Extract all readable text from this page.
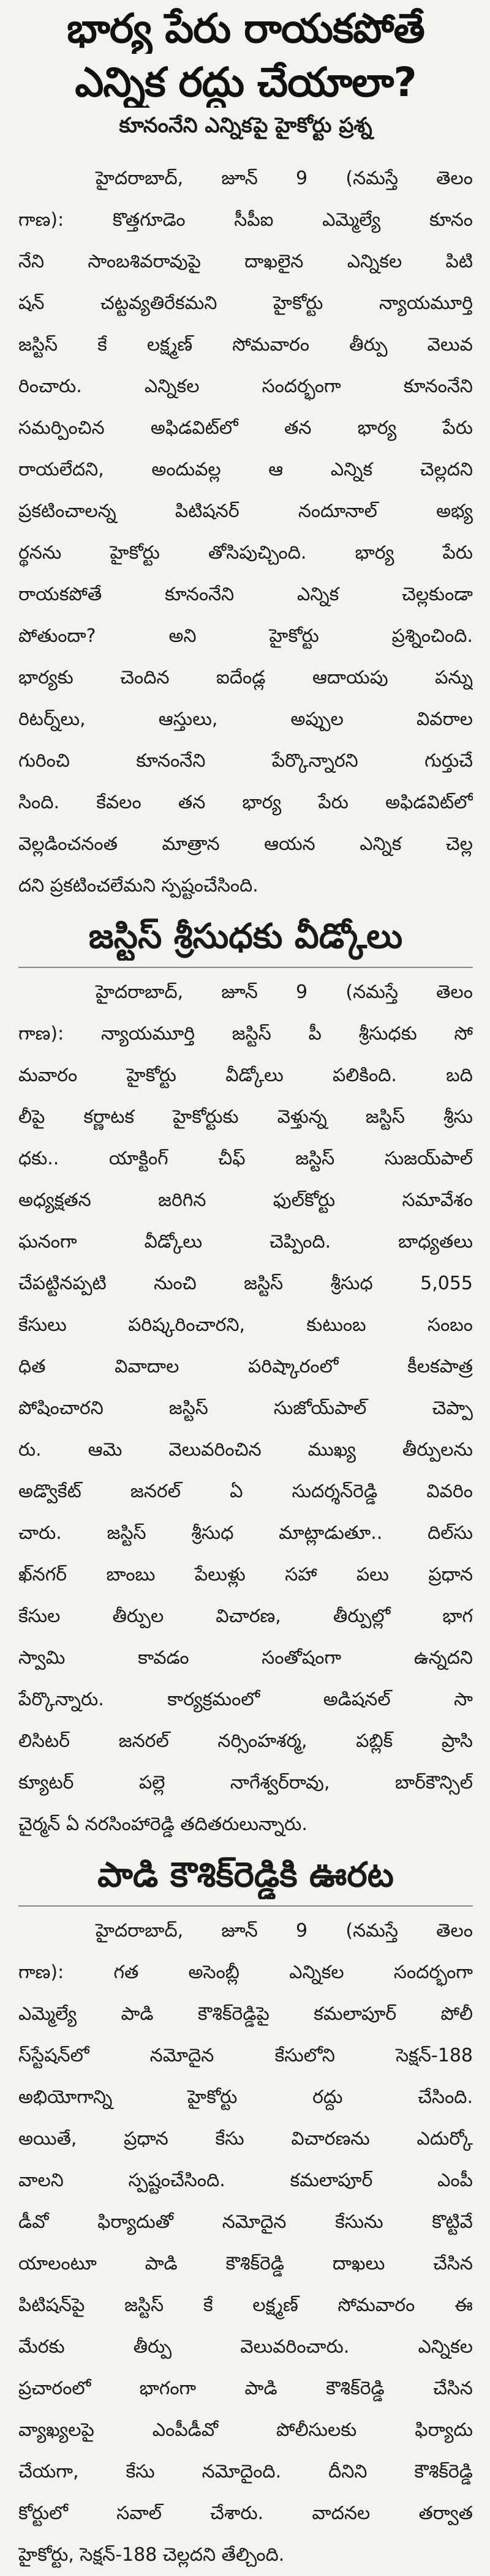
భార్య పేరు రాయకపోతే
ఎన్నిక రద్దు చేయాలా?
కూనంనేని ఎన్నికపై హైకోర్టు ప్రశ్న
హైదరాబాద్, జూన్ 9 (నమస్తే తెలం
గాణ): కొత్తగూడెం సీపీఐ ఎమ్మెల్యే కూనం
నేని సాంబశివరావుపై దాఖలైన ఎన్నికల పిటి
షన్ చట్టవ్యతిరేకమని హైకోర్టు న్యాయమూర్తి
జస్టిస్ కే లక్ష్మణ్ సోమవారం తీర్పు వెలువ
రించారు. ఎన్నికల సందర్భంగా కూనంనేని
సమర్పించిన అఫిడవిట్‌లో తన భార్య పేరు
రాయలేదని, అందువల్ల ఆ ఎన్నిక చెల్లదని
ప్రకటించాలన్న పిటిషనర్ నందూనాల్ అభ్య
ర్థనను హైకోర్టు తోసిపుచ్చింది. భార్య పేరు
రాయకపోతే కూనంనేని ఎన్నిక చెల్లకుండా
పోతుందా? అని హైకోర్టు ప్రశ్నించింది.
భార్యకు చెందిన ఐదేండ్ల ఆదాయపు పన్ను
రిటర్న్‌లు, ఆస్తులు, అప్పుల వివరాల
గురించి కూనంనేని పేర్కొన్నారని గుర్తుచే
సింది. కేవలం తన భార్య పేరు అఫిడవిట్‌లో
వెల్లడించనంత మాత్రాన ఆయన ఎన్నిక చెల్ల
దని ప్రకటించలేమని స్పష్టంచేసింది.
జస్టిస్ శ్రీసుధకు వీడ్కోలు
హైదరాబాద్, జూన్ 9 (నమస్తే తెలం
గాణ): న్యాయమూర్తి జస్టిస్ పీ శ్రీసుధకు సో
మవారం హైకోర్టు వీడ్కోలు పలికింది. బది
లీపై కర్ణాటక హైకోర్టుకు వెళ్తున్న జస్టిస్ శ్రీసు
ధకు.. యాక్టింగ్ చీఫ్ జస్టిస్ సుజయ్‌పాల్
అధ్యక్షతన జరిగిన ఫుల్‌కోర్టు సమావేశం
ఘనంగా వీడ్కోలు చెప్పింది. బాధ్యతలు
చేపట్టినప్పటి నుంచి జస్టిస్ శ్రీసుధ 5,055
కేసులు పరిష్కరించారని, కుటుంబ సంబం
ధిత వివాదాల పరిష్కారంలో కీలకపాత్ర
పోషించారని జస్టిస్ సుజోయ్‌పాల్ చెప్పా
రు. ఆమె వెలువరించిన ముఖ్య తీర్పులను
అడ్వొకేట్ జనరల్ ఏ సుదర్శన్‌రెడ్డి వివరిం
చారు. జస్టిస్ శ్రీసుధ మాట్లాడుతూ.. దిల్‌సు
ఖ్‌నగర్ బాంబు పేలుళ్లు సహా పలు ప్రధాన
కేసుల తీర్పుల విచారణ, తీర్పుల్లో భాగ
స్వామి కావడం సంతోషంగా ఉన్నదని
పేర్కొన్నారు. కార్యక్రమంలో అడిషనల్ సా
లిసిటర్ జనరల్ నర్సింహశర్మ, పబ్లిక్ ప్రాసి
క్యూటర్ పల్లె నాగేశ్వర్‌రావు, బార్‌కౌన్సిల్
చైర్మన్ ఏ నరసింహారెడ్డి తదితరులున్నారు.
పాడి కౌశిక్‌రెడ్డికి ఊరట
హైదరాబాద్, జూన్ 9 (నమస్తే తెలం
గాణ): గత అసెంబ్లీ ఎన్నికల సందర్భంగా
ఎమ్మెల్యే పాడి కౌశిక్‌రెడ్డిపై కమలాపూర్ పోలీ
స్‌స్టేషన్‌లో నమోదైన కేసులోని సెక్షన్-188
అభియోగాన్ని హైకోర్టు రద్దు చేసింది.
అయితే, ప్రధాన కేసు విచారణను ఎదుర్కో
వాలని స్పష్టంచేసింది. కమలాపూర్ ఎంపీ
డీవో ఫిర్యాదుతో నమోదైన కేసును కొట్టివే
యాలంటూ పాడి కౌశిక్‌రెడ్డి దాఖలు చేసిన
పిటిషన్‌పై జస్టిస్ కే లక్ష్మణ్ సోమవారం ఈ
మేరకు తీర్పు వెలువరించారు. ఎన్నికల
ప్రచారంలో భాగంగా పాడి కౌశిక్‌రెడ్డి చేసిన
వ్యాఖ్యలపై ఎంపీడీవో పోలీసులకు ఫిర్యాదు
చేయగా, కేసు నమోదైంది. దీనిని కౌశిక్‌రెడ్డి
కోర్టులో సవాల్ చేశారు. వాదనల తర్వాత
హైకోర్టు, సెక్షన్-188 చెల్లదని తేల్చింది.
